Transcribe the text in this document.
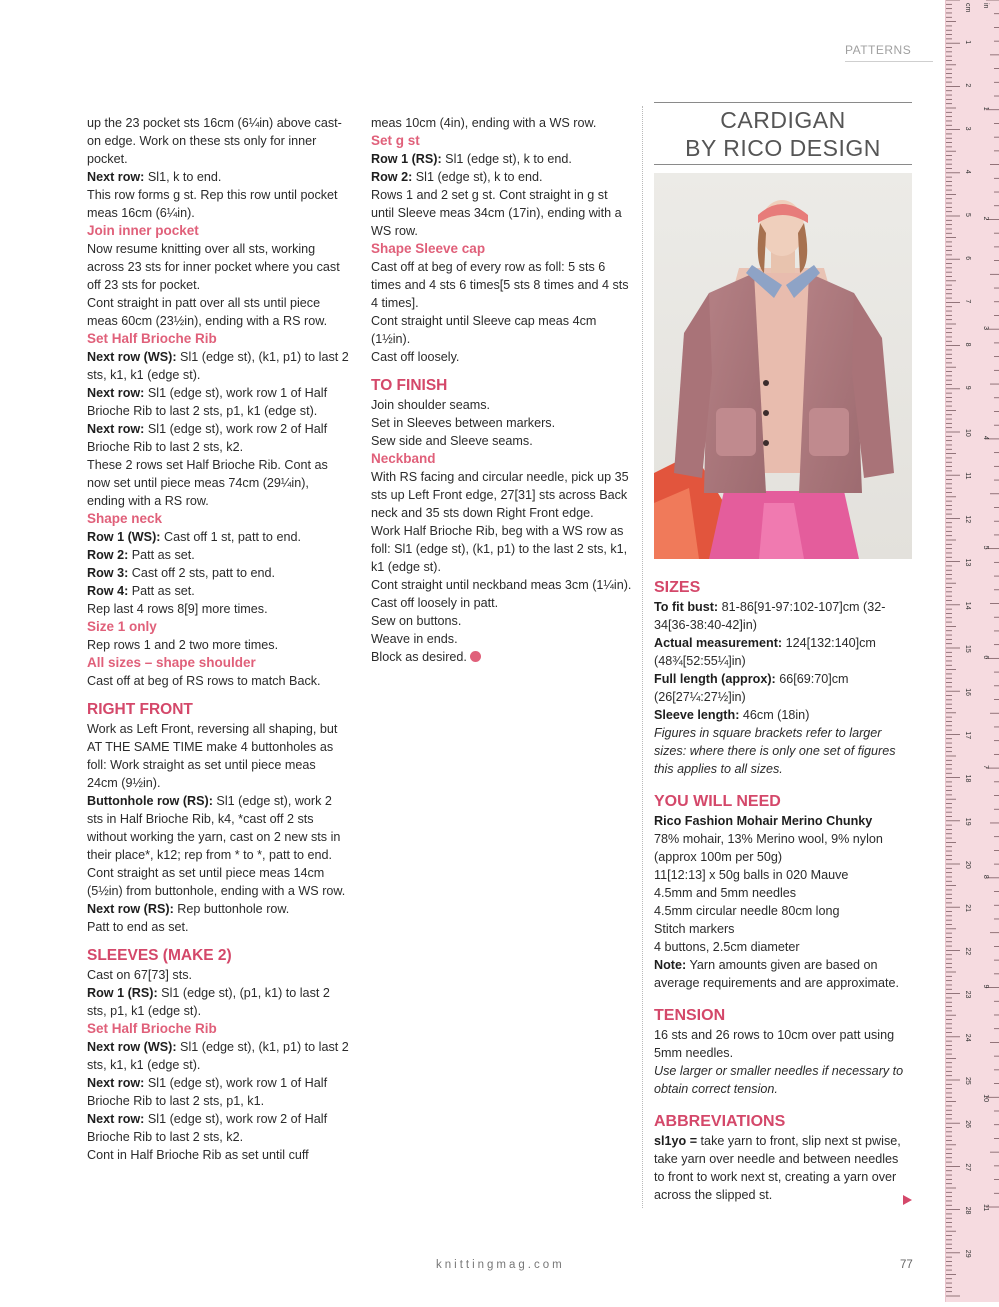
PATTERNS

up the 23 pocket sts 16cm (6¼in) above cast-on edge. Work on these sts only for inner pocket.

Next row: Sl1, k to end.

This row forms g st. Rep this row until pocket meas 16cm (6¼in).

Join inner pocket

Now resume knitting over all sts, working across 23 sts for inner pocket where you cast off 23 sts for pocket.

Cont straight in patt over all sts until piece meas 60cm (23½in), ending with a RS row.

Set Half Brioche Rib

Next row (WS): Sl1 (edge st), (k1, p1) to last 2 sts, k1, k1 (edge st).

Next row: Sl1 (edge st), work row 1 of Half Brioche Rib to last 2 sts, p1, k1 (edge st).

Next row: Sl1 (edge st), work row 2 of Half Brioche Rib to last 2 sts, k2.

These 2 rows set Half Brioche Rib. Cont as now set until piece meas 74cm (29¼in), ending with a RS row.

Shape neck

Row 1 (WS): Cast off 1 st, patt to end.

Row 2: Patt as set.

Row 3: Cast off 2 sts, patt to end.

Row 4: Patt as set.

Rep last 4 rows 8[9] more times.

Size 1 only

Rep rows 1 and 2 two more times.

All sizes – shape shoulder

Cast off at beg of RS rows to match Back.

RIGHT FRONT

Work as Left Front, reversing all shaping, but AT THE SAME TIME make 4 buttonholes as foll: Work straight as set until piece meas 24cm (9½in).

Buttonhole row (RS): Sl1 (edge st), work 2 sts in Half Brioche Rib, k4, *cast off 2 sts without working the yarn, cast on 2 new sts in their place*, k12; rep from * to *, patt to end.

Cont straight as set until piece meas 14cm (5½in) from buttonhole, ending with a WS row.

Next row (RS): Rep buttonhole row.

Patt to end as set.

SLEEVES (MAKE 2)

Cast on 67[73] sts.

Row 1 (RS): Sl1 (edge st), (p1, k1) to last 2 sts, p1, k1 (edge st).

Set Half Brioche Rib

Next row (WS): Sl1 (edge st), (k1, p1) to last 2 sts, k1, k1 (edge st).

Next row: Sl1 (edge st), work row 1 of Half Brioche Rib to last 2 sts, p1, k1.

Next row: Sl1 (edge st), work row 2 of Half Brioche Rib to last 2 sts, k2.

Cont in Half Brioche Rib as set until cuff

meas 10cm (4in), ending with a WS row.

Set g st

Row 1 (RS): Sl1 (edge st), k to end.

Row 2: Sl1 (edge st), k to end.

Rows 1 and 2 set g st. Cont straight in g st until Sleeve meas 34cm (17in), ending with a WS row.

Shape Sleeve cap

Cast off at beg of every row as foll: 5 sts 6 times and 4 sts 6 times[5 sts 8 times and 4 sts 4 times].

Cont straight until Sleeve cap meas 4cm (1½in).

Cast off loosely.

TO FINISH

Join shoulder seams.

Set in Sleeves between markers.

Sew side and Sleeve seams.

Neckband

With RS facing and circular needle, pick up 35 sts up Left Front edge, 27[31] sts across Back neck and 35 sts down Right Front edge.

Work Half Brioche Rib, beg with a WS row as foll: Sl1 (edge st), (k1, p1) to the last 2 sts, k1, k1 (edge st).

Cont straight until neckband meas 3cm (1¼in).

Cast off loosely in patt.

Sew on buttons.

Weave in ends.

Block as desired.

CARDIGAN
BY RICO DESIGN

SIZES

To fit bust: 81-86[91-97:102-107]cm (32-34[36-38:40-42]in)

Actual measurement: 124[132:140]cm (48¾[52:55¼]in)

Full length (approx): 66[69:70]cm (26[27¼:27½]in)

Sleeve length: 46cm (18in)

Figures in square brackets refer to larger sizes: where there is only one set of figures this applies to all sizes.

YOU WILL NEED

Rico Fashion Mohair Merino Chunky

78% mohair, 13% Merino wool, 9% nylon (approx 100m per 50g)

11[12:13] x 50g balls in 020 Mauve

4.5mm and 5mm needles

4.5mm circular needle 80cm long

Stitch markers

4 buttons, 2.5cm diameter

Note: Yarn amounts given are based on average requirements and are approximate.

TENSION

16 sts and 26 rows to 10cm over patt using 5mm needles.

Use larger or smaller needles if necessary to obtain correct tension.

ABBREVIATIONS

sl1yo = take yarn to front, slip next st pwise, take yarn over needle and between needles to front to work next st, creating a yarn over across the slipped st.

knittingmag.com	77
cm in
1
2
3
4
5
6
7
8
9
10
11
12
13
14
15
16
17
18
19
20
21
22
23
24
25
26
27
28
29
1
2
3
4
5
6
7
8
9
10
11
